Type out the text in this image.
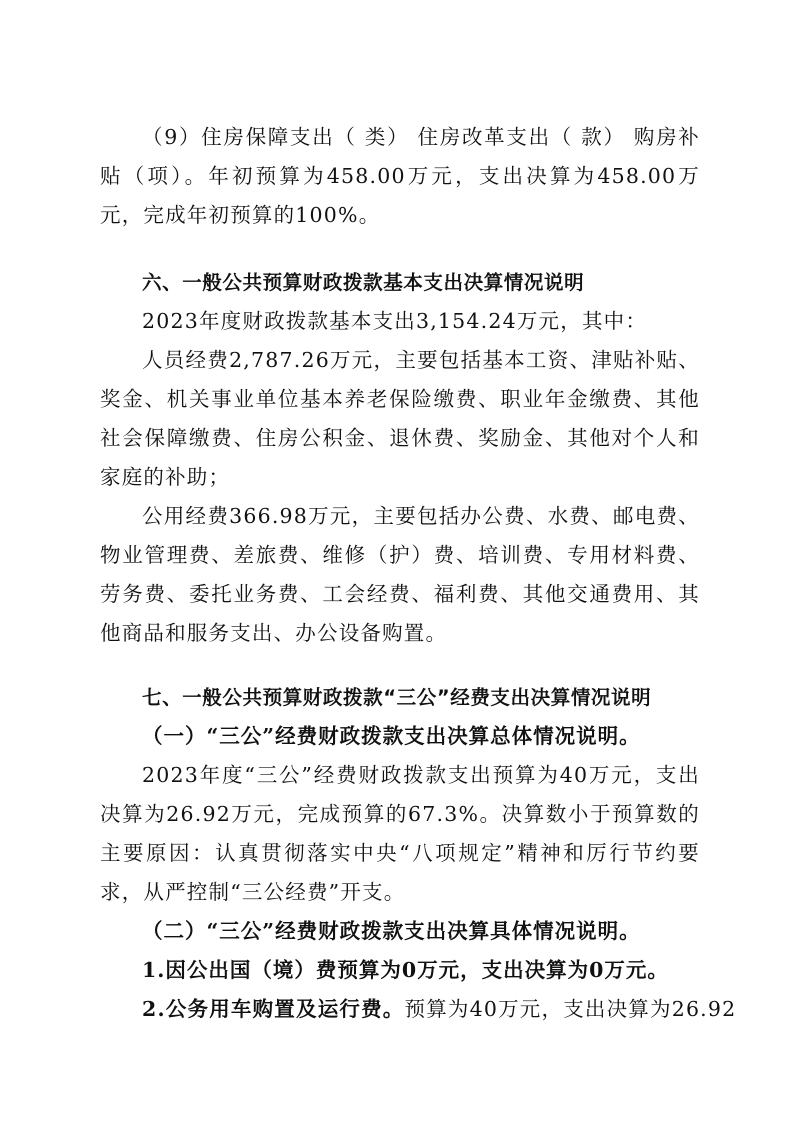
（9）住房保障支出（ 类） 住房改革支出（ 款） 购房补贴（项）。年初预算为458.00万元，支出决算为458.00万元，完成年初预算的100%。

六、一般公共预算财政拨款基本支出决算情况说明

2023年度财政拨款基本支出3,154.24万元，其中：

人员经费2,787.26万元，主要包括基本工资、津贴补贴、奖金、机关事业单位基本养老保险缴费、职业年金缴费、其他社会保障缴费、住房公积金、退休费、奖励金、其他对个人和家庭的补助；

公用经费366.98万元，主要包括办公费、水费、邮电费、物业管理费、差旅费、维修（护）费、培训费、专用材料费、劳务费、委托业务费、工会经费、福利费、其他交通费用、其他商品和服务支出、办公设备购置。

七、一般公共预算财政拨款“三公”经费支出决算情况说明

（一）“三公”经费财政拨款支出决算总体情况说明。

2023年度“三公”经费财政拨款支出预算为40万元，支出决算为26.92万元，完成预算的67.3%。决算数小于预算数的主要原因：认真贯彻落实中央“八项规定”精神和厉行节约要求，从严控制“三公经费”开支。

（二）“三公”经费财政拨款支出决算具体情况说明。

1.因公出国（境）费预算为0万元，支出决算为0万元。

2.公务用车购置及运行费。预算为40万元，支出决算为26.92
